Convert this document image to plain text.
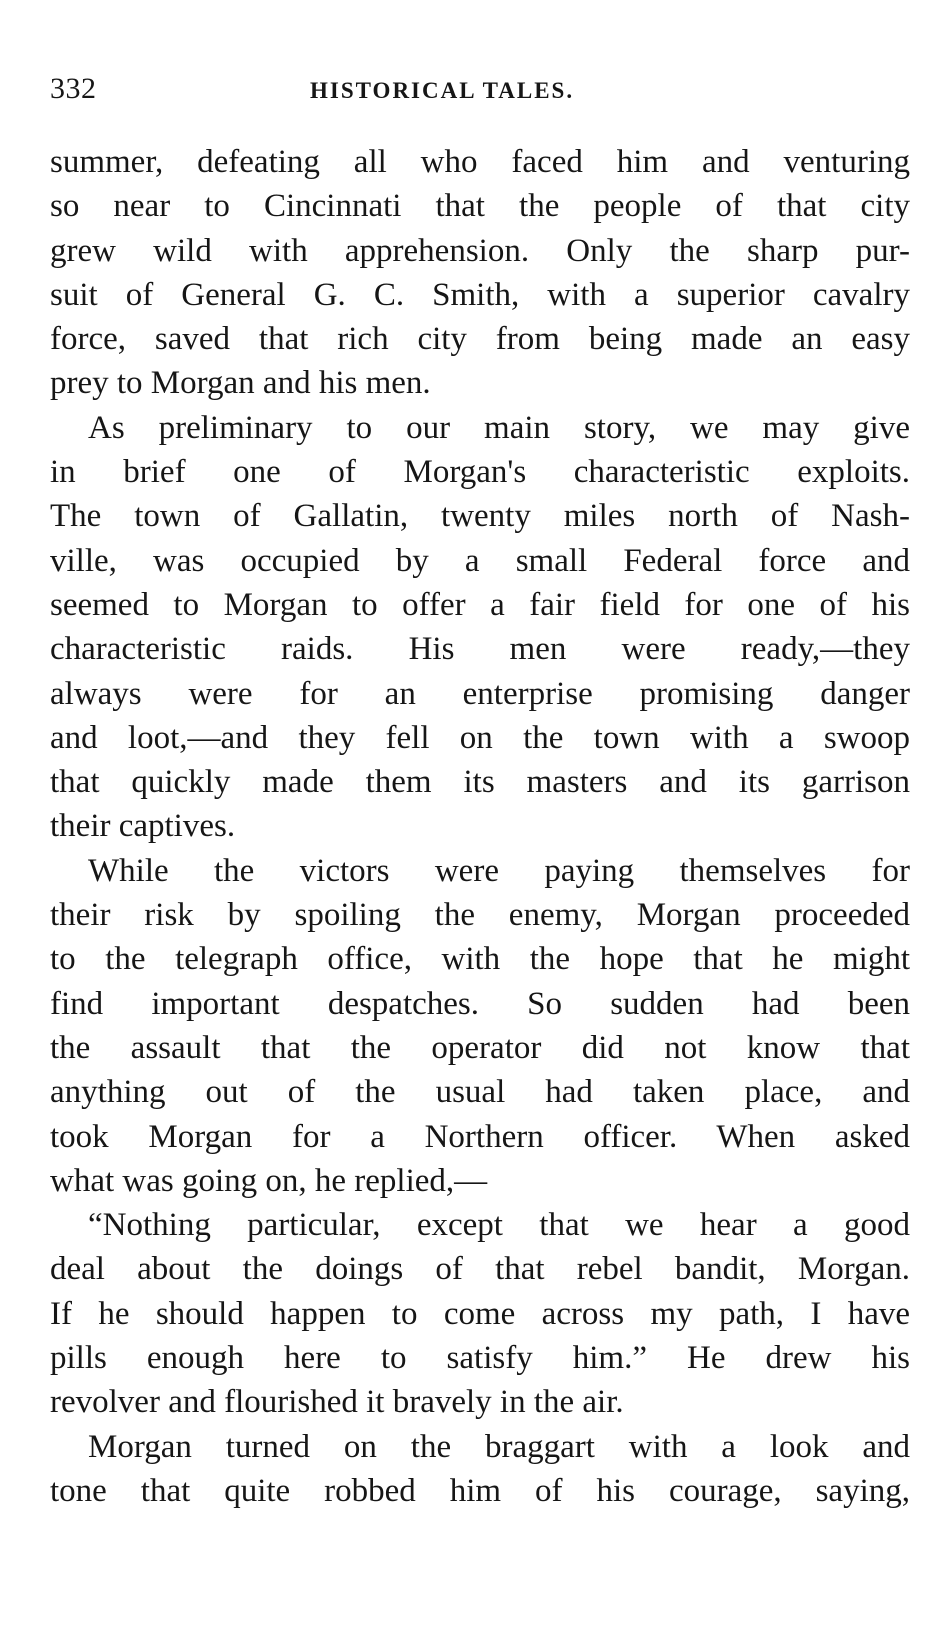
332	HISTORICAL TALES.

summer, defeating all who faced him and venturing
so near to Cincinnati that the people of that city
grew wild with apprehension. Only the sharp pur-
suit of General G. C. Smith, with a superior cavalry
force, saved that rich city from being made an easy
prey to Morgan and his men.

As preliminary to our main story, we may give
in brief one of Morgan's characteristic exploits.
The town of Gallatin, twenty miles north of Nash-
ville, was occupied by a small Federal force and
seemed to Morgan to offer a fair field for one of his
characteristic raids. His men were ready,—they
always were for an enterprise promising danger
and loot,—and they fell on the town with a swoop
that quickly made them its masters and its garrison
their captives.

While the victors were paying themselves for
their risk by spoiling the enemy, Morgan proceeded
to the telegraph office, with the hope that he might
find important despatches. So sudden had been
the assault that the operator did not know that
anything out of the usual had taken place, and
took Morgan for a Northern officer. When asked
what was going on, he replied,—

“Nothing particular, except that we hear a good
deal about the doings of that rebel bandit, Morgan.
If he should happen to come across my path, I have
pills enough here to satisfy him.” He drew his
revolver and flourished it bravely in the air.

Morgan turned on the braggart with a look and
tone that quite robbed him of his courage, saying,
